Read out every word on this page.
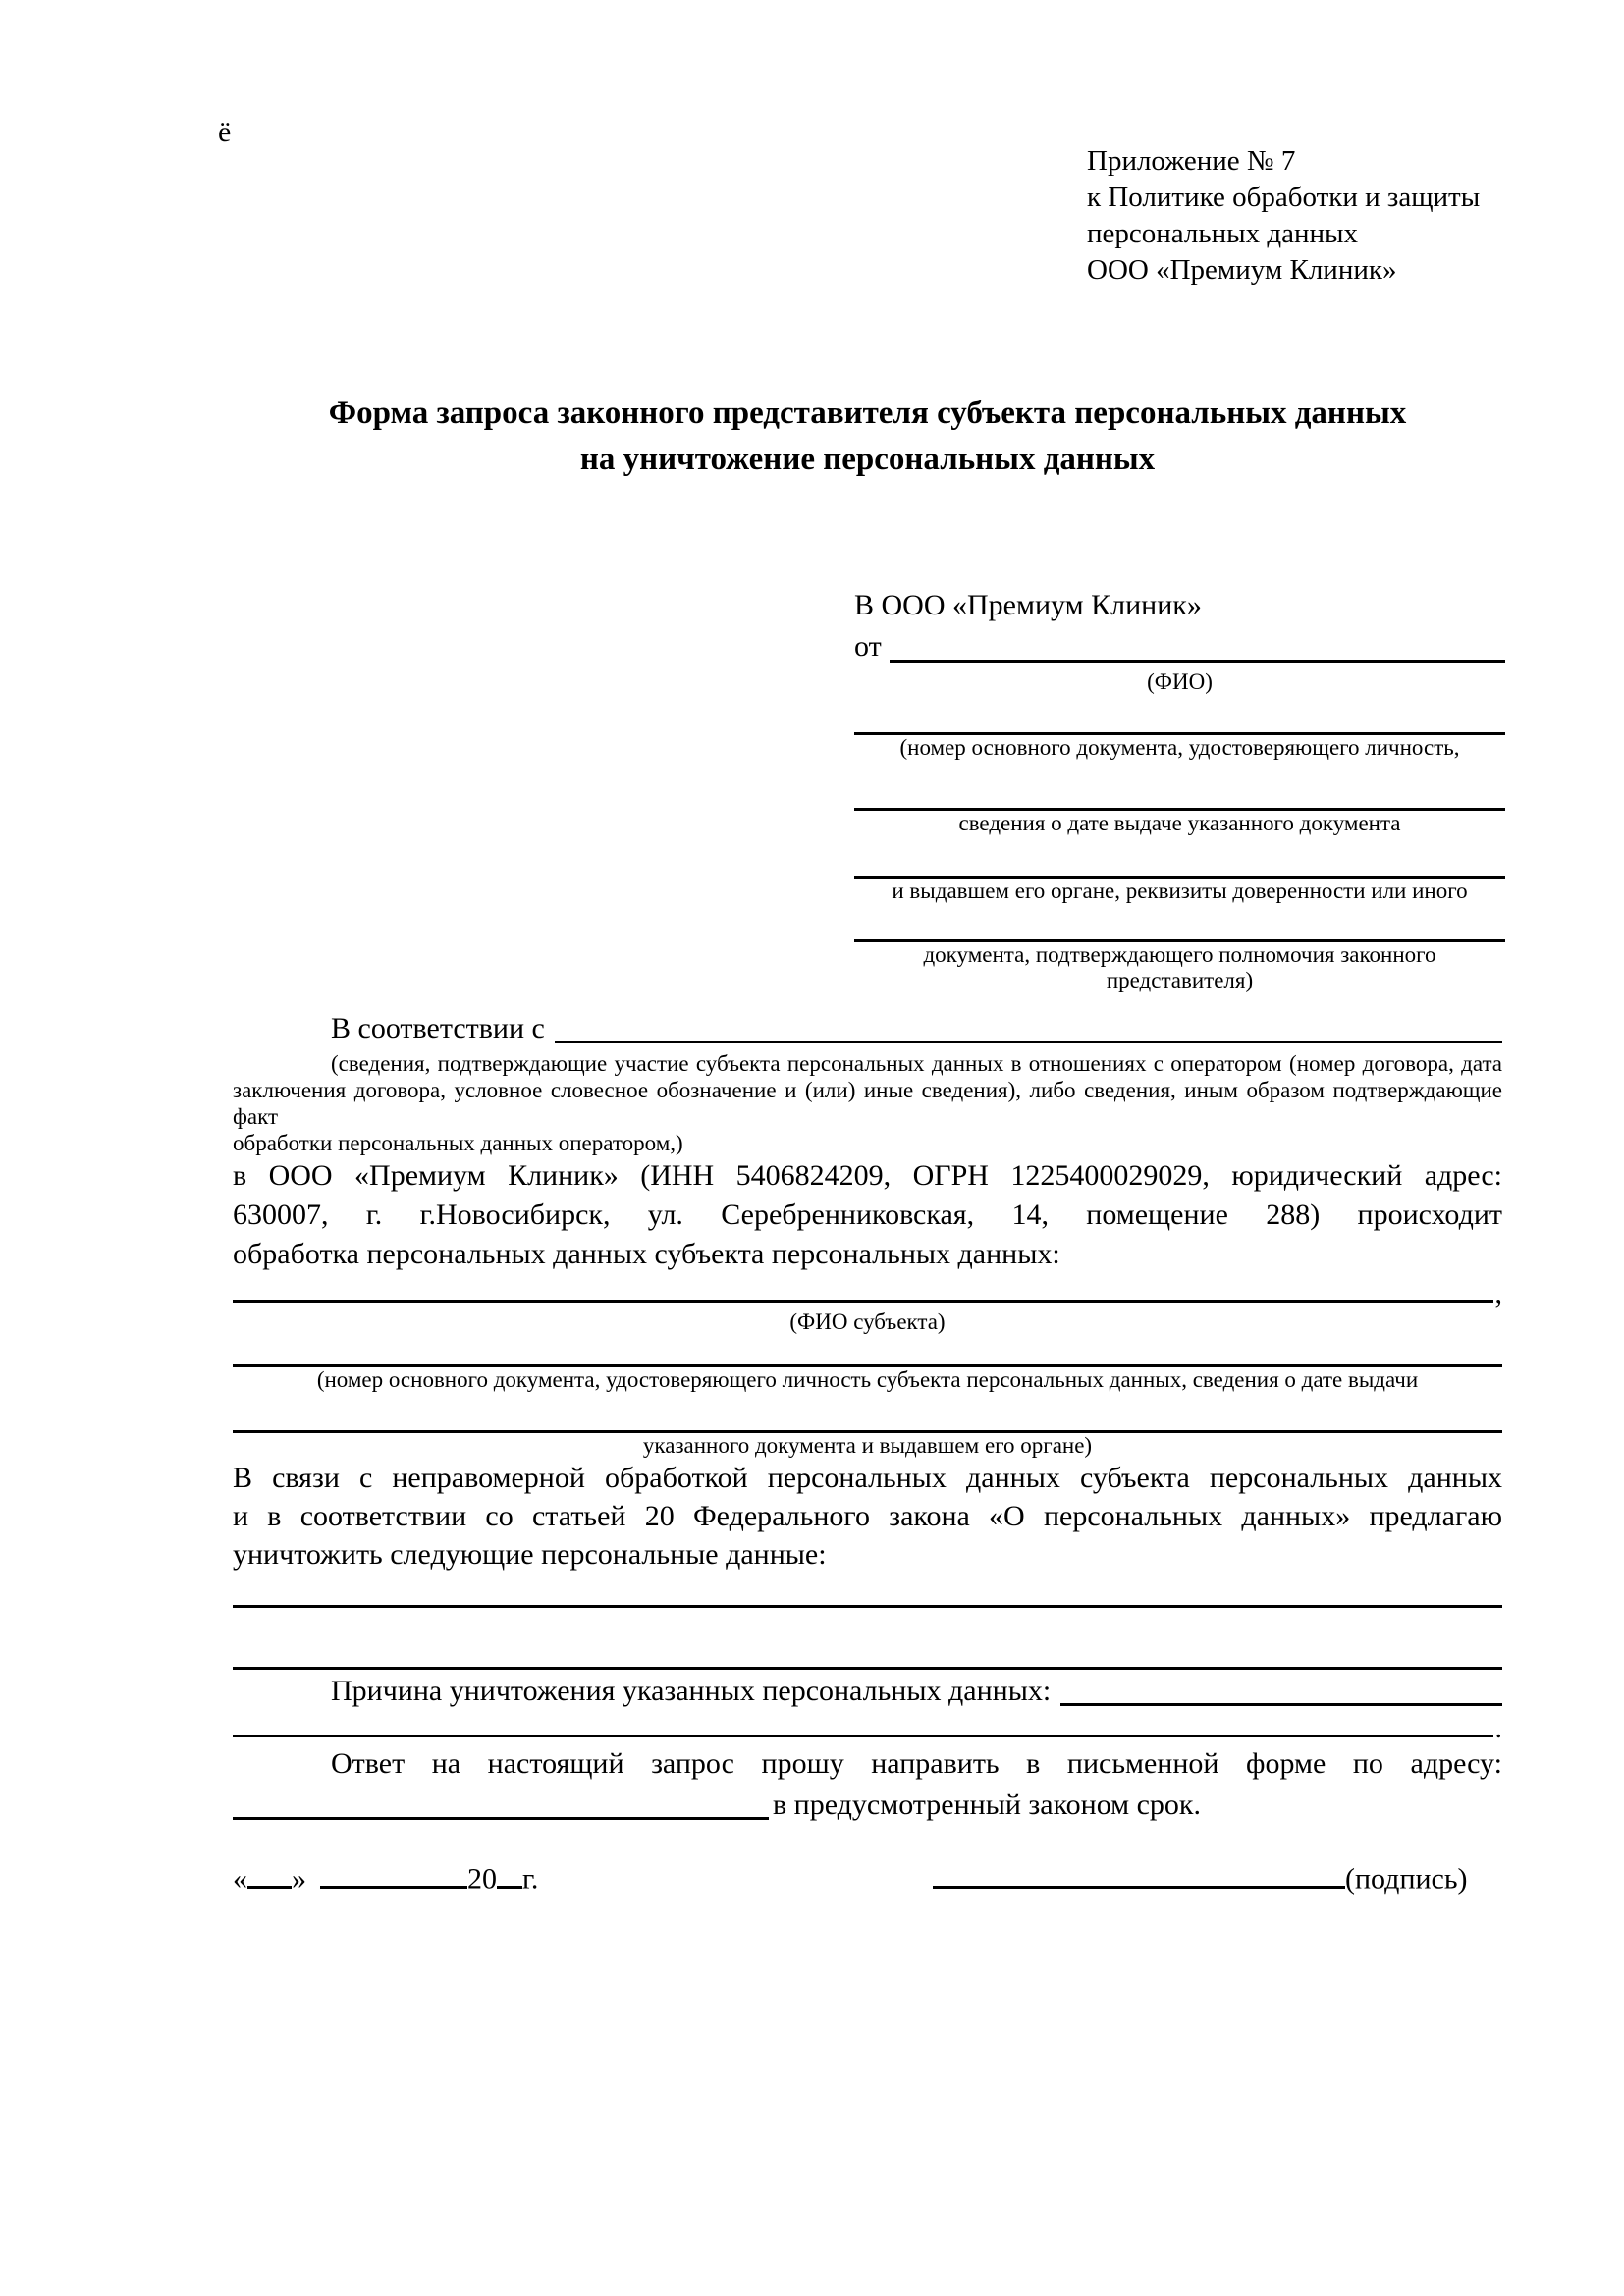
ё
Приложение № 7
к Политике обработки и защиты
персональных данных
ООО «Премиум Клиник»
Форма запроса законного представителя субъекта персональных данных
на уничтожение персональных данных
В ООО «Премиум Клиник»
от
(ФИО)
(номер основного документа, удостоверяющего личность,
сведения о дате выдаче указанного документа
и выдавшем его органе, реквизиты доверенности или иного
документа, подтверждающего полномочия законного представителя)
В соответствии с
(сведения, подтверждающие участие субъекта персональных данных в отношениях с оператором (номер договора, дата
заключения договора, условное словесное обозначение и (или) иные сведения), либо сведения, иным образом подтверждающие факт
обработки персональных данных оператором,)
в ООО «Премиум Клиник» (ИНН 5406824209, ОГРН 1225400029029, юридический адрес:
630007, г. г.Новосибирск, ул. Серебренниковская, 14, помещение 288) происходит
обработка персональных данных субъекта персональных данных:
,
(ФИО субъекта)
(номер основного документа, удостоверяющего личность субъекта персональных данных, сведения о дате выдачи
указанного документа и выдавшем его органе)
В связи с неправомерной обработкой персональных данных субъекта персональных данных
и в соответствии со статьей 20 Федерального закона «О персональных данных» предлагаю
уничтожить следующие персональные данные:
Причина уничтожения указанных персональных данных:
.
Ответ на настоящий запрос прошу направить в письменной форме по адресу:
в предусмотренный законом срок.
« »	20 г.	(подпись)
